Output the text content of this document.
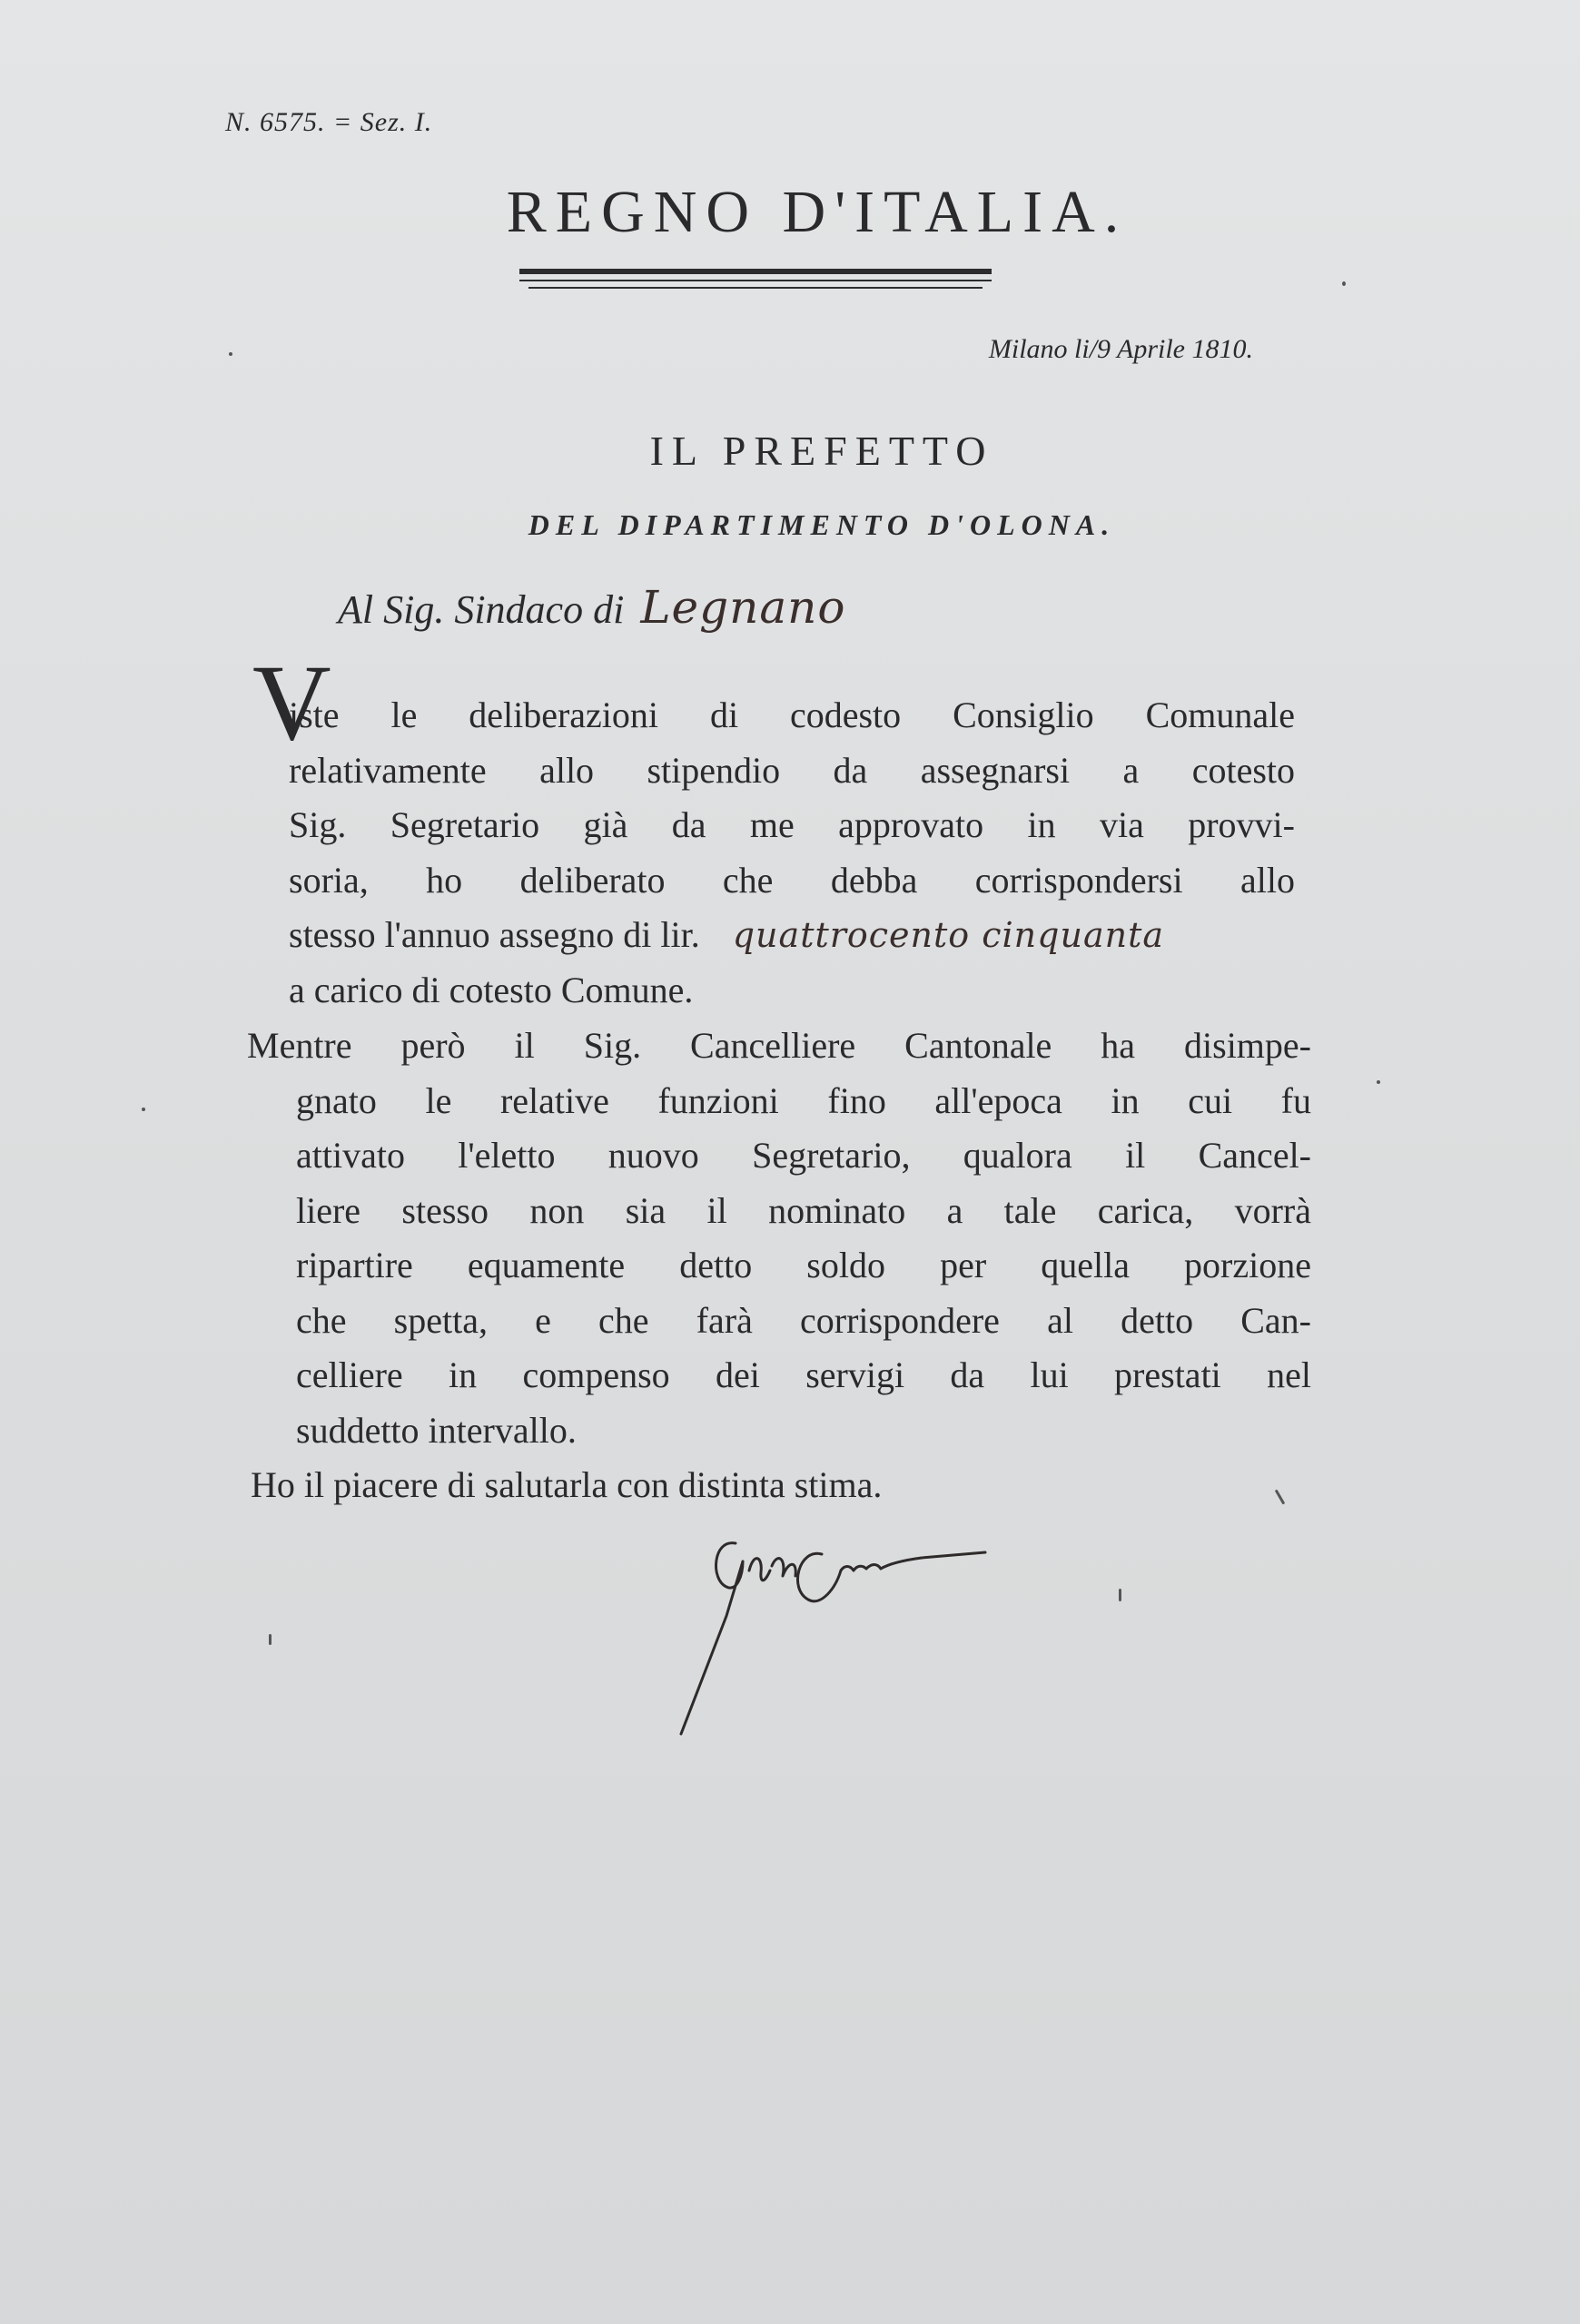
N. 6575. = Sez. I.
REGNO D'ITALIA.
Milano li/9 Aprile 1810.
IL PREFETTO
DEL DIPARTIMENTO D'OLONA.
Al Sig. Sindaco di Legnano
V
iste le deliberazioni di codesto Consiglio Comunale
relativamente allo stipendio da assegnarsi a cotesto
Sig. Segretario già da me approvato in via provvi-
soria, ho deliberato che debba corrispondersi allo
stesso l'annuo assegno di lir. quattrocento cinquanta
a carico di cotesto Comune.
Mentre però il Sig. Cancelliere Cantonale ha disimpe-
gnato le relative funzioni fino all'epoca in cui fu
attivato l'eletto nuovo Segretario, qualora il Cancel-
liere stesso non sia il nominato a tale carica, vorrà
ripartire equamente detto soldo per quella porzione
che spetta, e che farà corrispondere al detto Can-
celliere in compenso dei servigi da lui prestati nel
suddetto intervallo.
Ho il piacere di salutarla con distinta stima.
